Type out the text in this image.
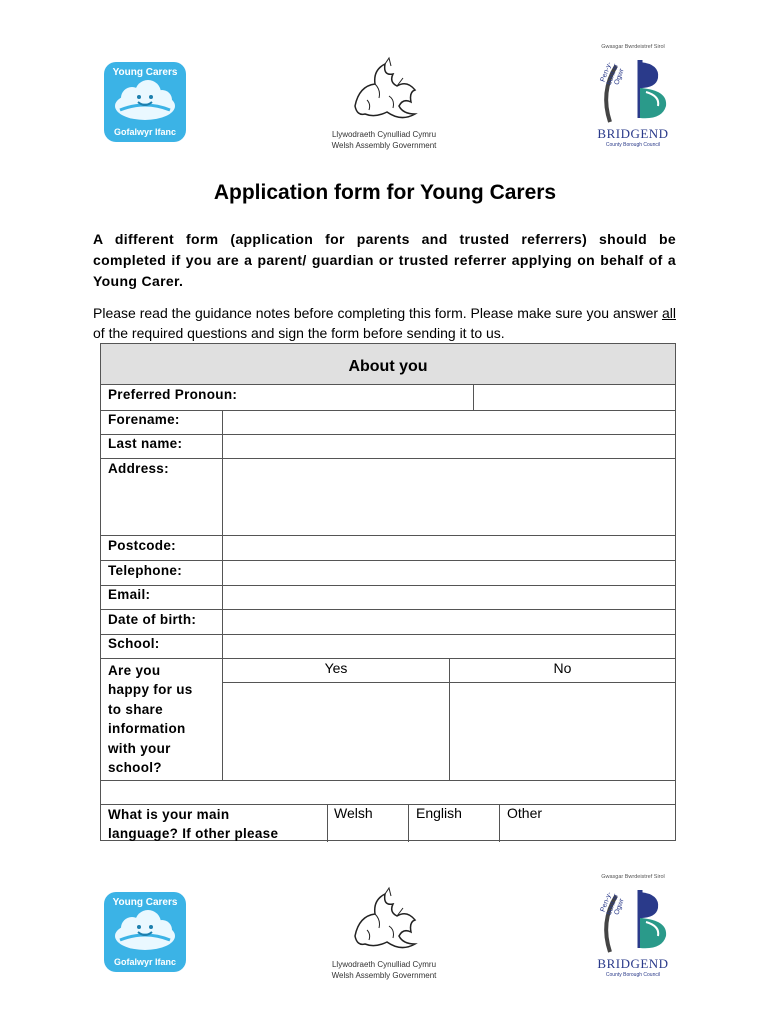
Young Carers
Gofalwyr Ifanc	Llywodraeth Cynulliad Cymru
Welsh Assembly Government
Gwasgar Bwrdeistref Sirol
Pen-y-bont ar Ogwr
BRIDGEND
County Borough Council
Application form for Young Carers
A different form (application for parents and trusted referrers) should be completed if you are a parent/ guardian or trusted referrer applying on behalf of a Young Carer.
Please read the guidance notes before completing this form. Please make sure you answer all of the required questions and sign the form before sending it to us.
About you
Preferred Pronoun:
Forename:
Last name:
Address:
Postcode:
Telephone:
Email:
Date of birth:
School:
Are you
happy for us
to share
information
with your
school?
Yes	No
What is your main
language? If other please
Welsh	English	Other
Young Carers
Gofalwyr Ifanc	Llywodraeth Cynulliad Cymru
Welsh Assembly Government
Gwasgar Bwrdeistref Sirol
Pen-y-bont ar Ogwr
BRIDGEND
County Borough Council
